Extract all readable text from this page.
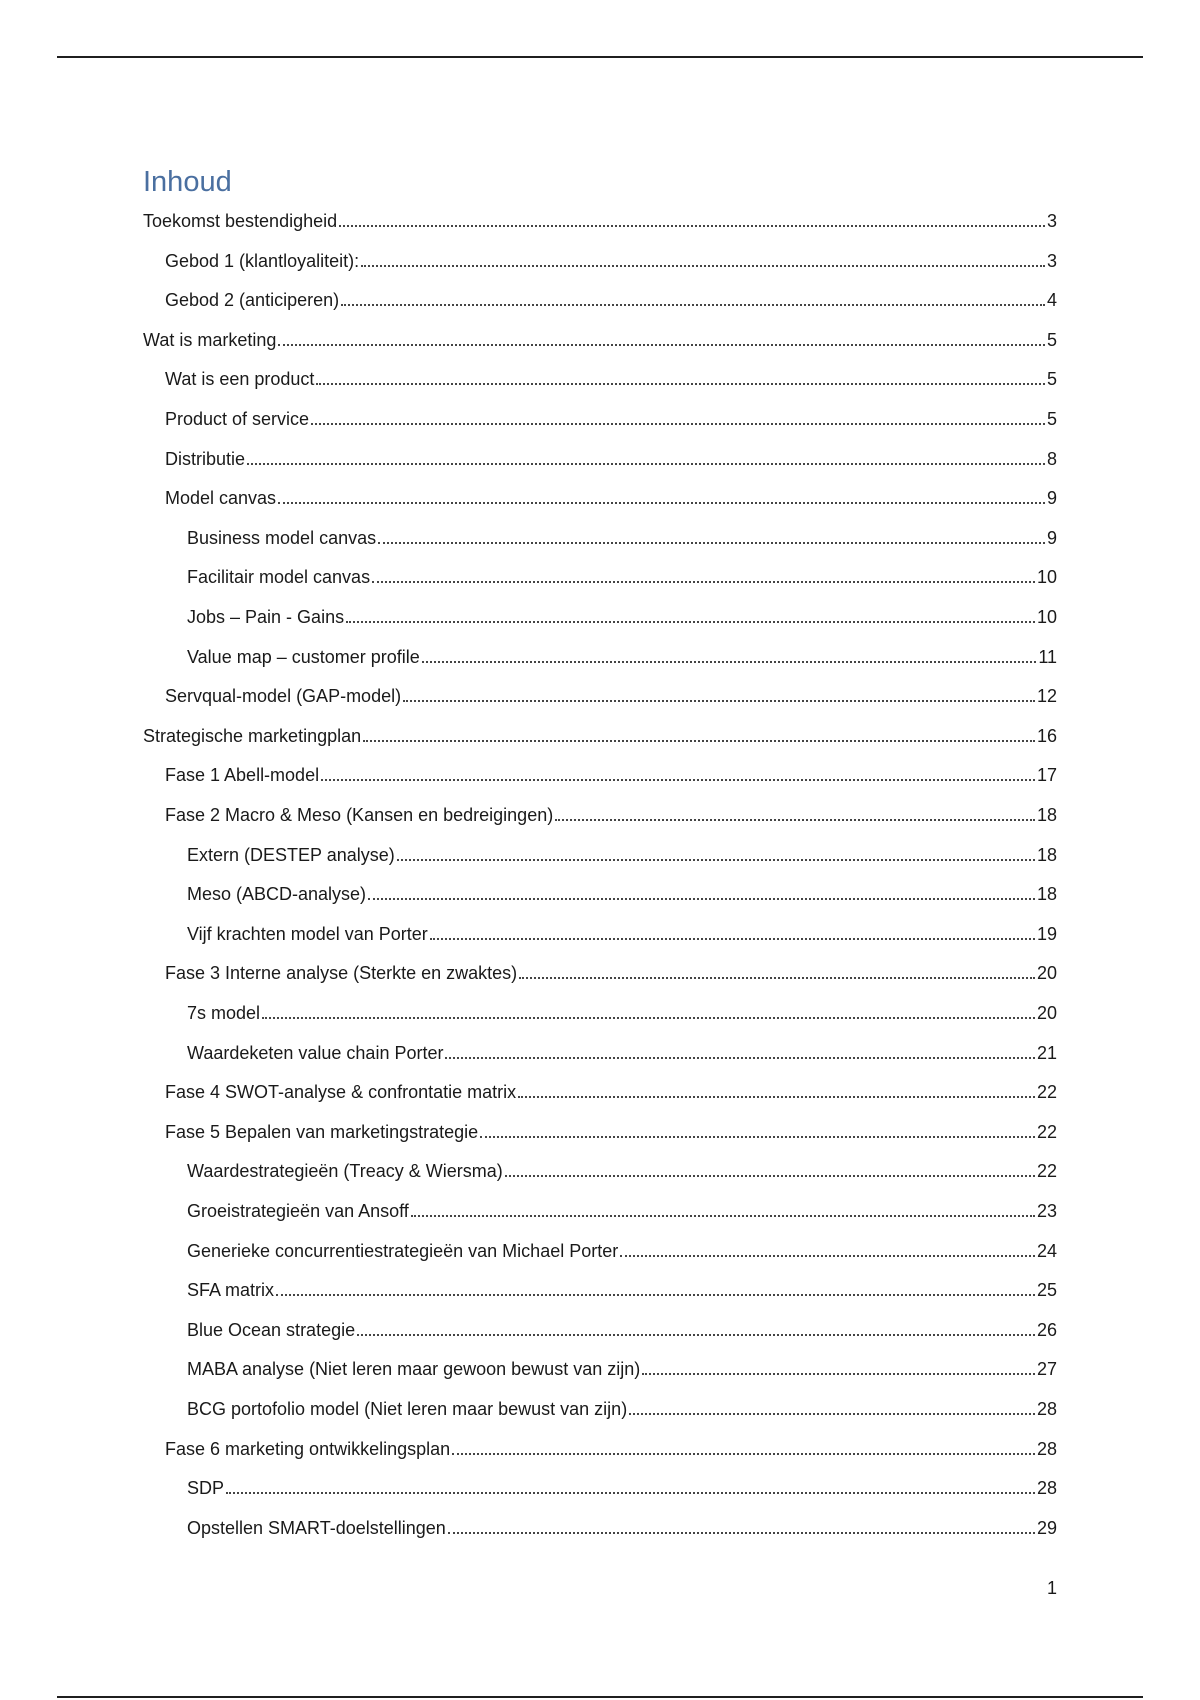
Inhoud
Toekomst bestendigheid	3
Gebod 1 (klantloyaliteit):	3
Gebod 2 (anticiperen)	4
Wat is marketing	5
Wat is een product	5
Product of service	5
Distributie	8
Model canvas	9
Business model canvas	9
Facilitair model canvas	10
Jobs – Pain - Gains	10
Value map – customer profile	11
Servqual-model (GAP-model)	12
Strategische marketingplan	16
Fase 1 Abell-model	17
Fase 2 Macro & Meso (Kansen en bedreigingen)	18
Extern (DESTEP analyse)	18
Meso (ABCD-analyse)	18
Vijf krachten model van Porter	19
Fase 3 Interne analyse (Sterkte en zwaktes)	20
7s model	20
Waardeketen value chain Porter	21
Fase 4 SWOT-analyse & confrontatie matrix	22
Fase 5 Bepalen van marketingstrategie	22
Waardestrategieën (Treacy & Wiersma)	22
Groeistrategieën van Ansoff	23
Generieke concurrentiestrategieën van Michael Porter	24
SFA matrix	25
Blue Ocean strategie	26
MABA analyse (Niet leren maar gewoon bewust van zijn)	27
BCG portofolio model (Niet leren maar bewust van zijn)	28
Fase 6 marketing ontwikkelingsplan	28
SDP	28
Opstellen SMART-doelstellingen	29
1
